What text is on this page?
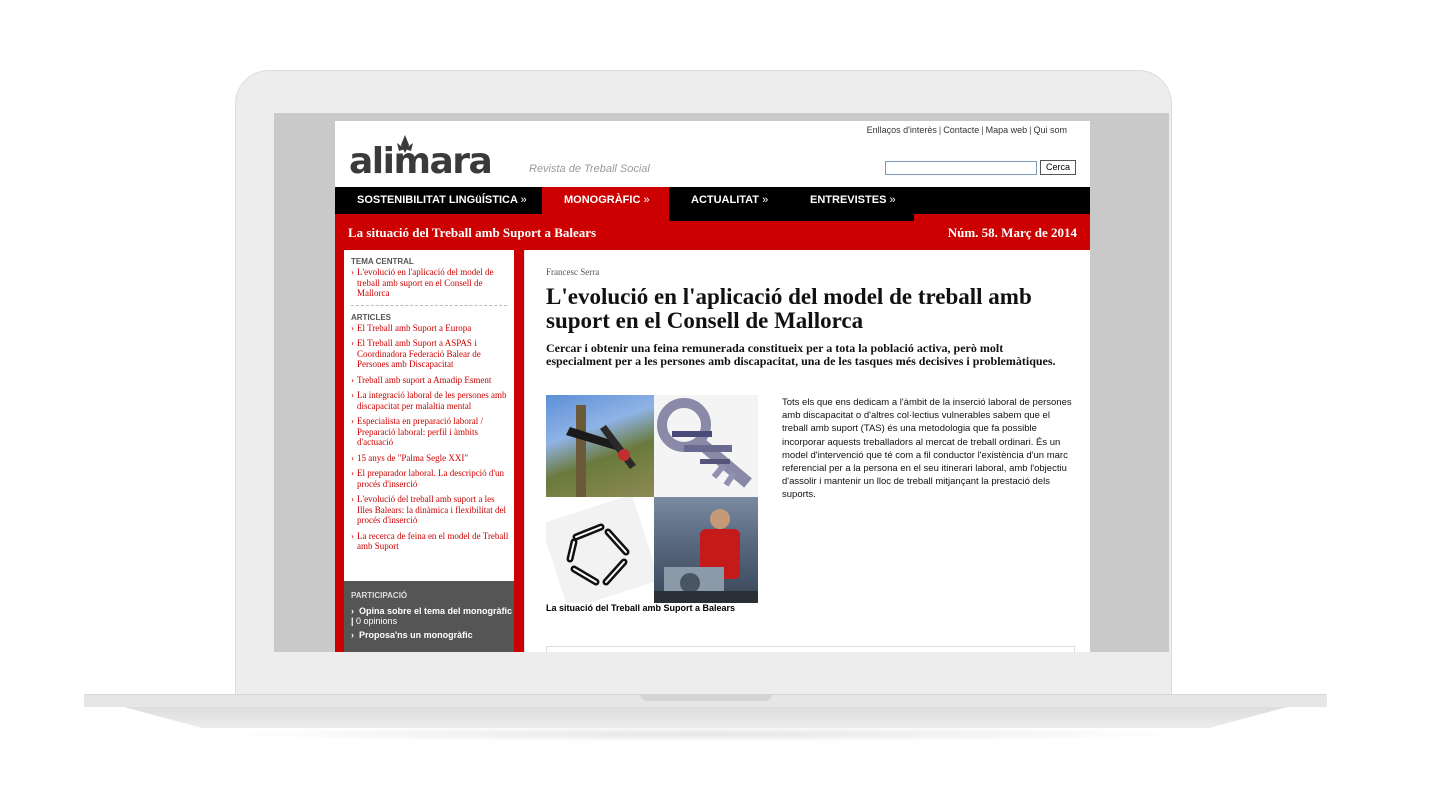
Enllaços d'interès | Contacte | Mapa web | Qui som
alimara	Revista de Treball Social	Cerca
SOSTENIBILITAT LINGüÍSTICA »	MONOGRÀFIC »	ACTUALITAT »	ENTREVISTES »
La situació del Treball amb Suport a Balears	Núm. 58. Març de 2014
TEMA CENTRAL
› L'evolució en l'aplicació del model de treball amb suport en el Consell de Mallorca
ARTICLES
› El Treball amb Suport a Europa
› El Treball amb Suport a ASPAS i Coordinadora Federació Balear de Persones amb Discapacitat
› Treball amb suport a Amadip Esment
› La integració laboral de les persones amb discapacitat per malaltia mental
› Especialista en preparació laboral / Preparació laboral: perfil i àmbits d'actuació
› 15 anys de "Palma Segle XXI"
› El preparador laboral. La descripció d'un procés d'inserció
› L'evolució del treball amb suport a les Illes Balears: la dinàmica i flexibilitat del procés d'inserció
› La recerca de feina en el model de Treball amb Suport
PARTICIPACIÓ
›  Opina sobre el tema del monogràfic | 0 opinions
›  Proposa'ns un monogràfic
Francesc Serra
L'evolució en l'aplicació del model de treball amb suport en el Consell de Mallorca
Cercar i obtenir una feina remunerada constitueix per a tota la població activa, però molt especialment per a les persones amb discapacitat, una de les tasques més decisives i problemàtiques.
La situació del Treball amb Suport a Balears
Tots els que ens dedicam a l'àmbit de la inserció laboral de persones amb discapacitat o d'altres col·lectius vulnerables sabem que el treball amb suport (TAS) és una metodologia que fa possible incorporar aquests treballadors al mercat de treball ordinari. És un model d'intervenció que té com a fil conductor l'existència d'un marc referencial per a la persona en el seu itinerari laboral, amb l'objectiu d'assolir i mantenir un lloc de treball mitjançant la prestació dels suports.
